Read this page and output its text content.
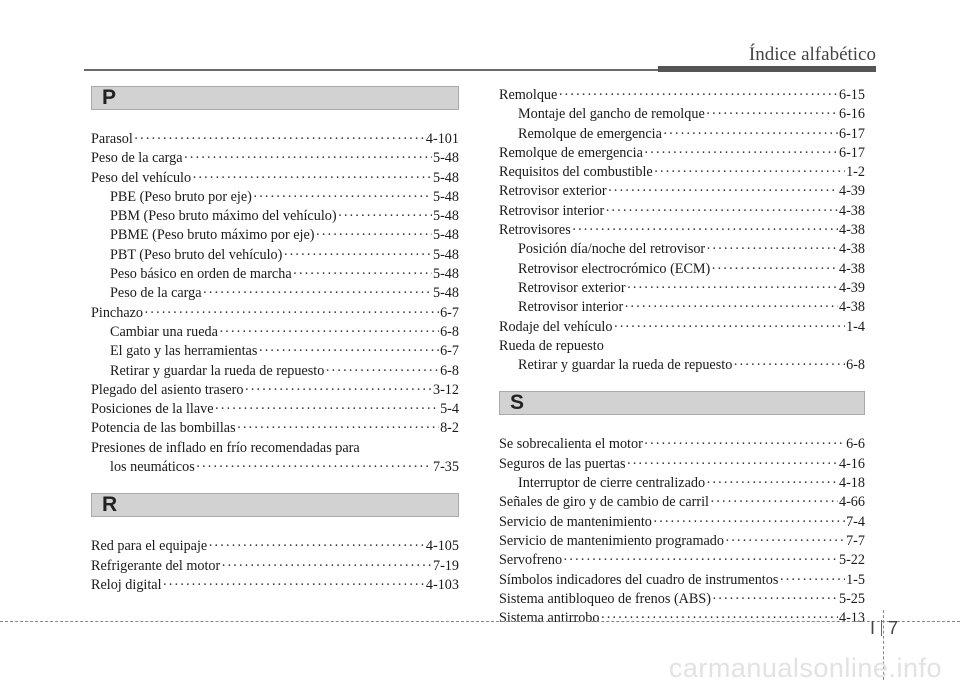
Índice alfabético
P
Parasol ·····	4-101
Peso de la carga ·····	5-48
Peso del vehículo ·····	5-48
PBE (Peso bruto por eje) ·····	5-48
PBM (Peso bruto máximo del vehículo) ·····	5-48
PBME (Peso bruto máximo por eje) ·····	5-48
PBT (Peso bruto del vehículo) ·····	5-48
Peso básico en orden de marcha ·····	5-48
Peso de la carga ·····	5-48
Pinchazo ·····	6-7
Cambiar una rueda ·····	6-8
El gato y las herramientas ·····	6-7
Retirar y guardar la rueda de repuesto ·····	6-8
Plegado del asiento trasero ·····	3-12
Posiciones de la llave ·····	5-4
Potencia de las bombillas ·····	8-2
Presiones de inflado en frío recomendadas para
los neumáticos ·····	7-35
R
Red para el equipaje ·····	4-105
Refrigerante del motor ·····	7-19
Reloj digital ·····	4-103
Remolque ·····	6-15
Montaje del gancho de remolque ·····	6-16
Remolque de emergencia ·····	6-17
Remolque de emergencia ·····	6-17
Requisitos del combustible ·····	1-2
Retrovisor exterior ·····	4-39
Retrovisor interior ·····	4-38
Retrovisores ·····	4-38
Posición día/noche del retrovisor ·····	4-38
Retrovisor electrocrómico (ECM) ·····	4-38
Retrovisor exterior ·····	4-39
Retrovisor interior ·····	4-38
Rodaje del vehículo ·····	1-4
Rueda de repuesto
Retirar y guardar la rueda de repuesto ·····	6-8
S
Se sobrecalienta el motor ·····	6-6
Seguros de las puertas ·····	4-16
Interruptor de cierre centralizado ·····	4-18
Señales de giro y de cambio de carril ·····	4-66
Servicio de mantenimiento ·····	7-4
Servicio de mantenimiento programado ·····	7-7
Servofreno ·····	5-22
Símbolos indicadores del cuadro de instrumentos ·····	1-5
Sistema antibloqueo de frenos (ABS) ·····	5-25
Sistema antirrobo ·····	4-13 I 7
carmanualsonline.info
